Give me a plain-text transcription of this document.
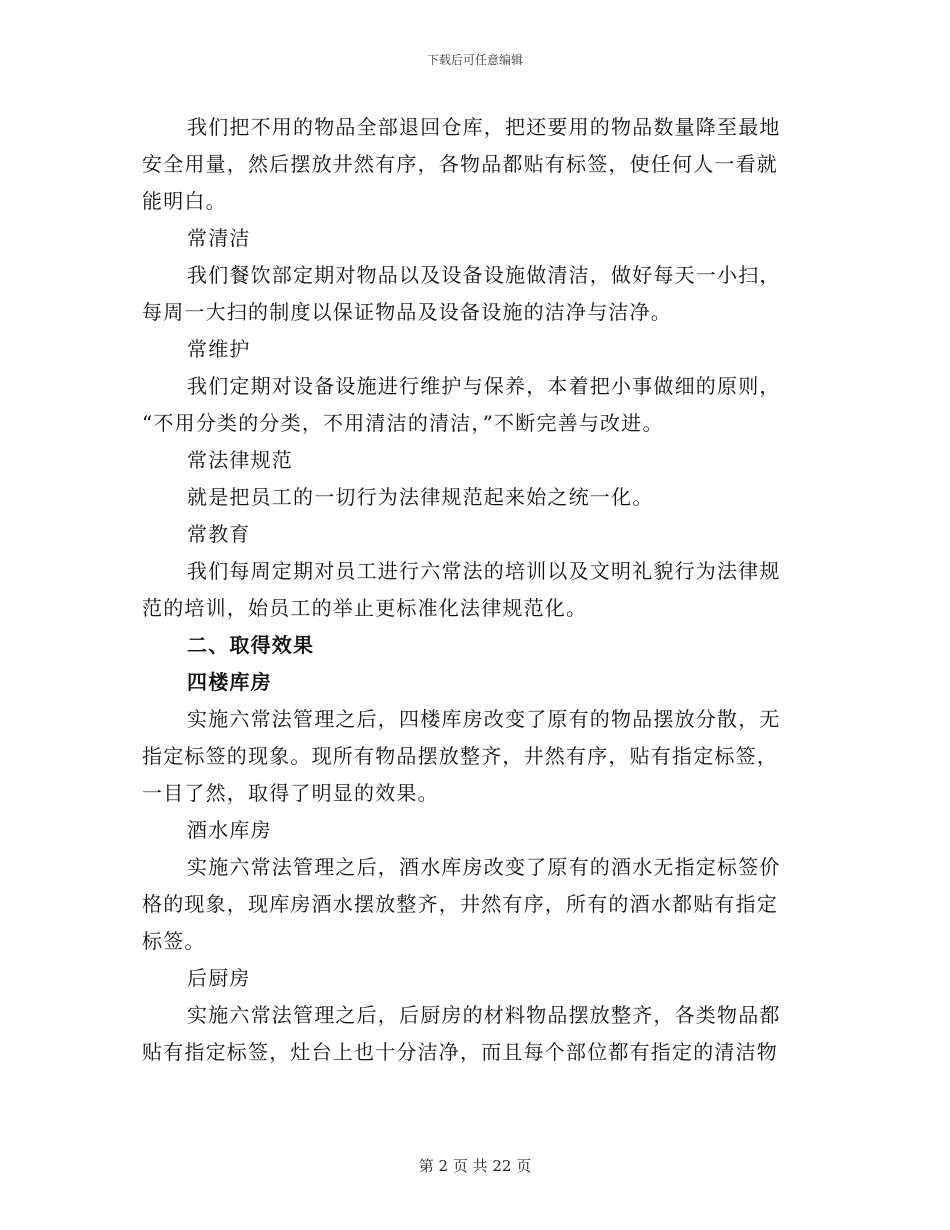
下载后可任意编辑
我们把不用的物品全部退回仓库，把还要用的物品数量降至最地
安全用量，然后摆放井然有序，各物品都贴有标签，使任何人一看就
能明白。
常清洁
我们餐饮部定期对物品以及设备设施做清洁，做好每天一小扫，
每周一大扫的制度以保证物品及设备设施的洁净与洁净。
常维护
我们定期对设备设施进行维护与保养，本着把小事做细的原则，
“不用分类的分类，不用清洁的清洁，”不断完善与改进。
常法律规范
就是把员工的一切行为法律规范起来始之统一化。
常教育
我们每周定期对员工进行六常法的培训以及文明礼貌行为法律规
范的培训，始员工的举止更标准化法律规范化。
二、取得效果
四楼库房
实施六常法管理之后，四楼库房改变了原有的物品摆放分散，无
指定标签的现象。现所有物品摆放整齐，井然有序，贴有指定标签，
一目了然，取得了明显的效果。
酒水库房
实施六常法管理之后，酒水库房改变了原有的酒水无指定标签价
格的现象，现库房酒水摆放整齐，井然有序，所有的酒水都贴有指定
标签。
后厨房
实施六常法管理之后，后厨房的材料物品摆放整齐，各类物品都
贴有指定标签，灶台上也十分洁净，而且每个部位都有指定的清洁物
第 2 页 共 22 页
